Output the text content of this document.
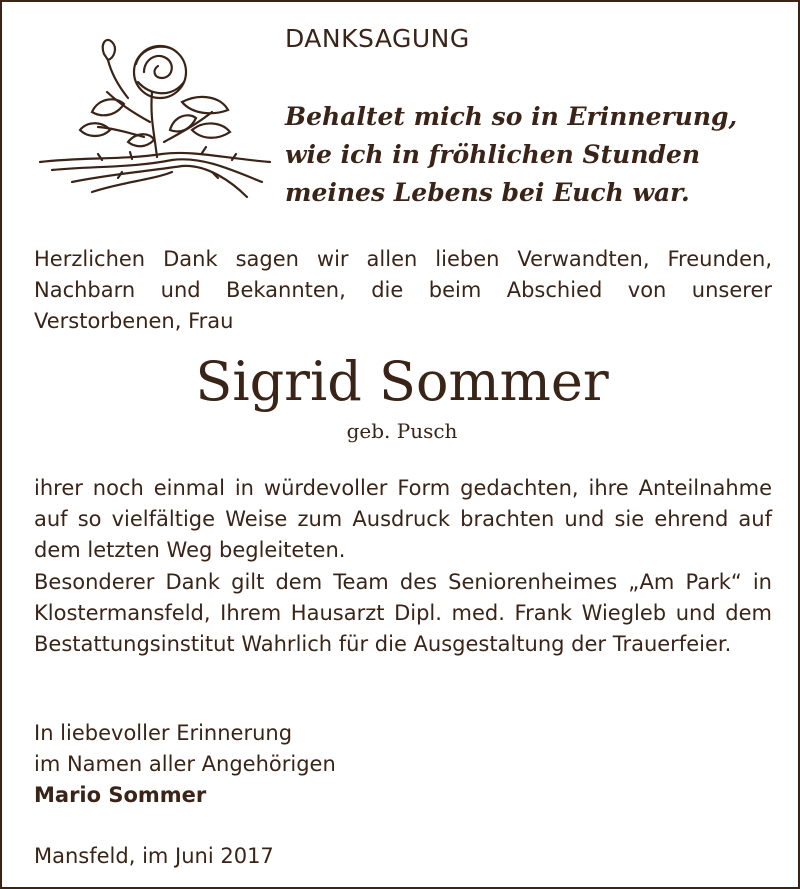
DANKSAGUNG
Behaltet mich so in Erinnerung,
wie ich in fröhlichen Stunden
meines Lebens bei Euch war.
Herzlichen Dank sagen wir allen lieben Verwandten, Freunden, Nachbarn und Bekannten, die beim Abschied von unserer Verstorbenen, Frau
Sigrid Sommer
geb. Pusch
ihrer noch einmal in würdevoller Form gedachten, ihre Anteilnahme auf so vielfältige Weise zum Ausdruck brachten und sie ehrend auf dem letzten Weg begleiteten.
Besonderer Dank gilt dem Team des Seniorenheimes „Am Park“ in Klostermansfeld, Ihrem Hausarzt Dipl. med. Frank Wiegleb und dem Bestattungsinstitut Wahrlich für die Ausgestaltung der Trauerfeier.
In liebevoller Erinnerung
im Namen aller Angehörigen
Mario Sommer
Mansfeld, im Juni 2017
